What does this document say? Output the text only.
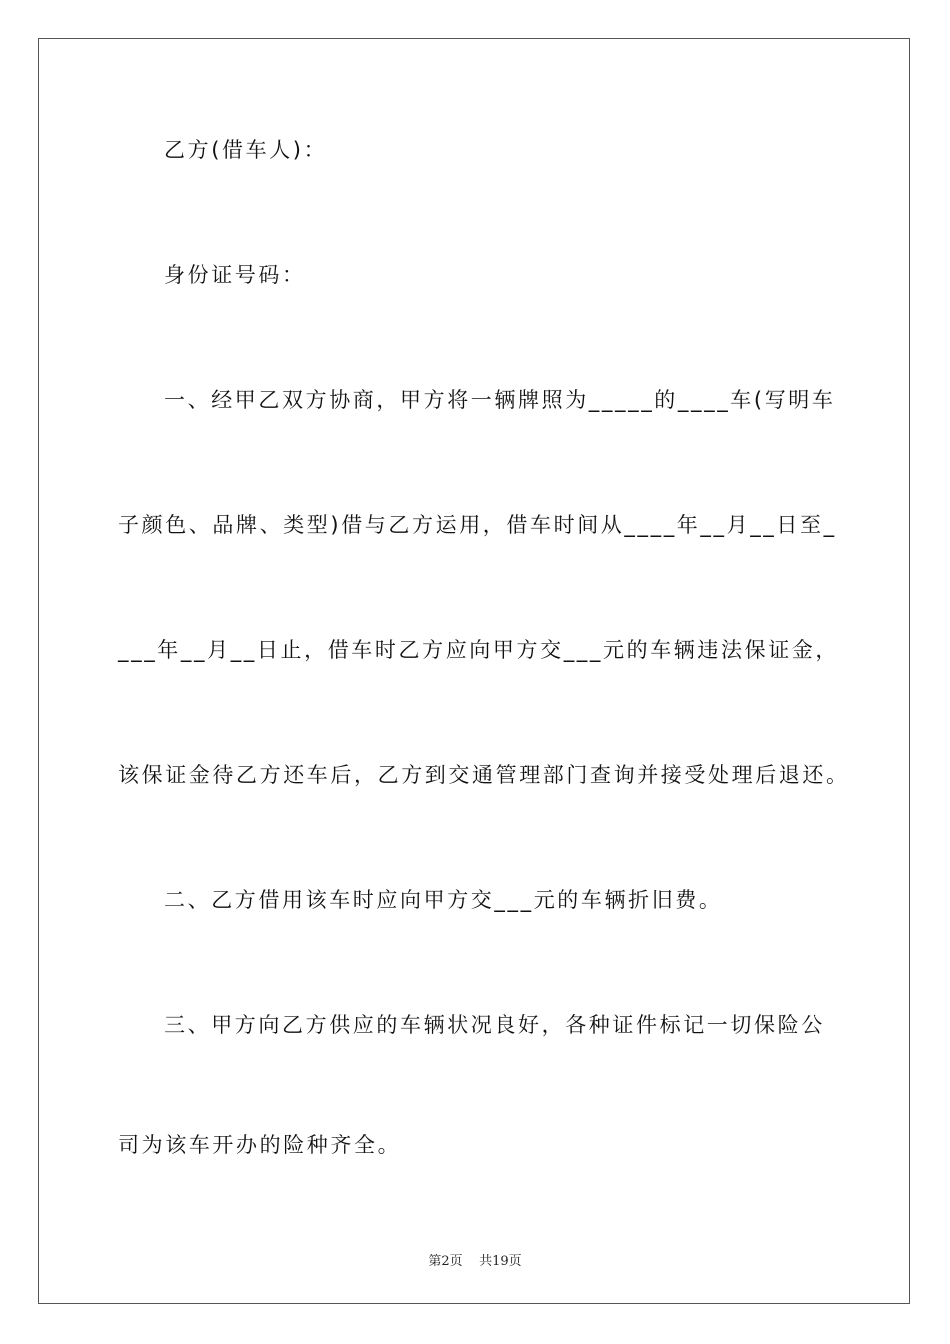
乙方(借车人)：
身份证号码：
一、经甲乙双方协商，甲方将一辆牌照为_____的____车(写明车
子颜色、品牌、类型)借与乙方运用，借车时间从____年__月__日至_
___年__月__日止，借车时乙方应向甲方交___元的车辆违法保证金，
该保证金待乙方还车后，乙方到交通管理部门查询并接受处理后退还。
二、乙方借用该车时应向甲方交___元的车辆折旧费。
三、甲方向乙方供应的车辆状况良好，各种证件标记一切保险公
司为该车开办的险种齐全。
第2页    共19页
